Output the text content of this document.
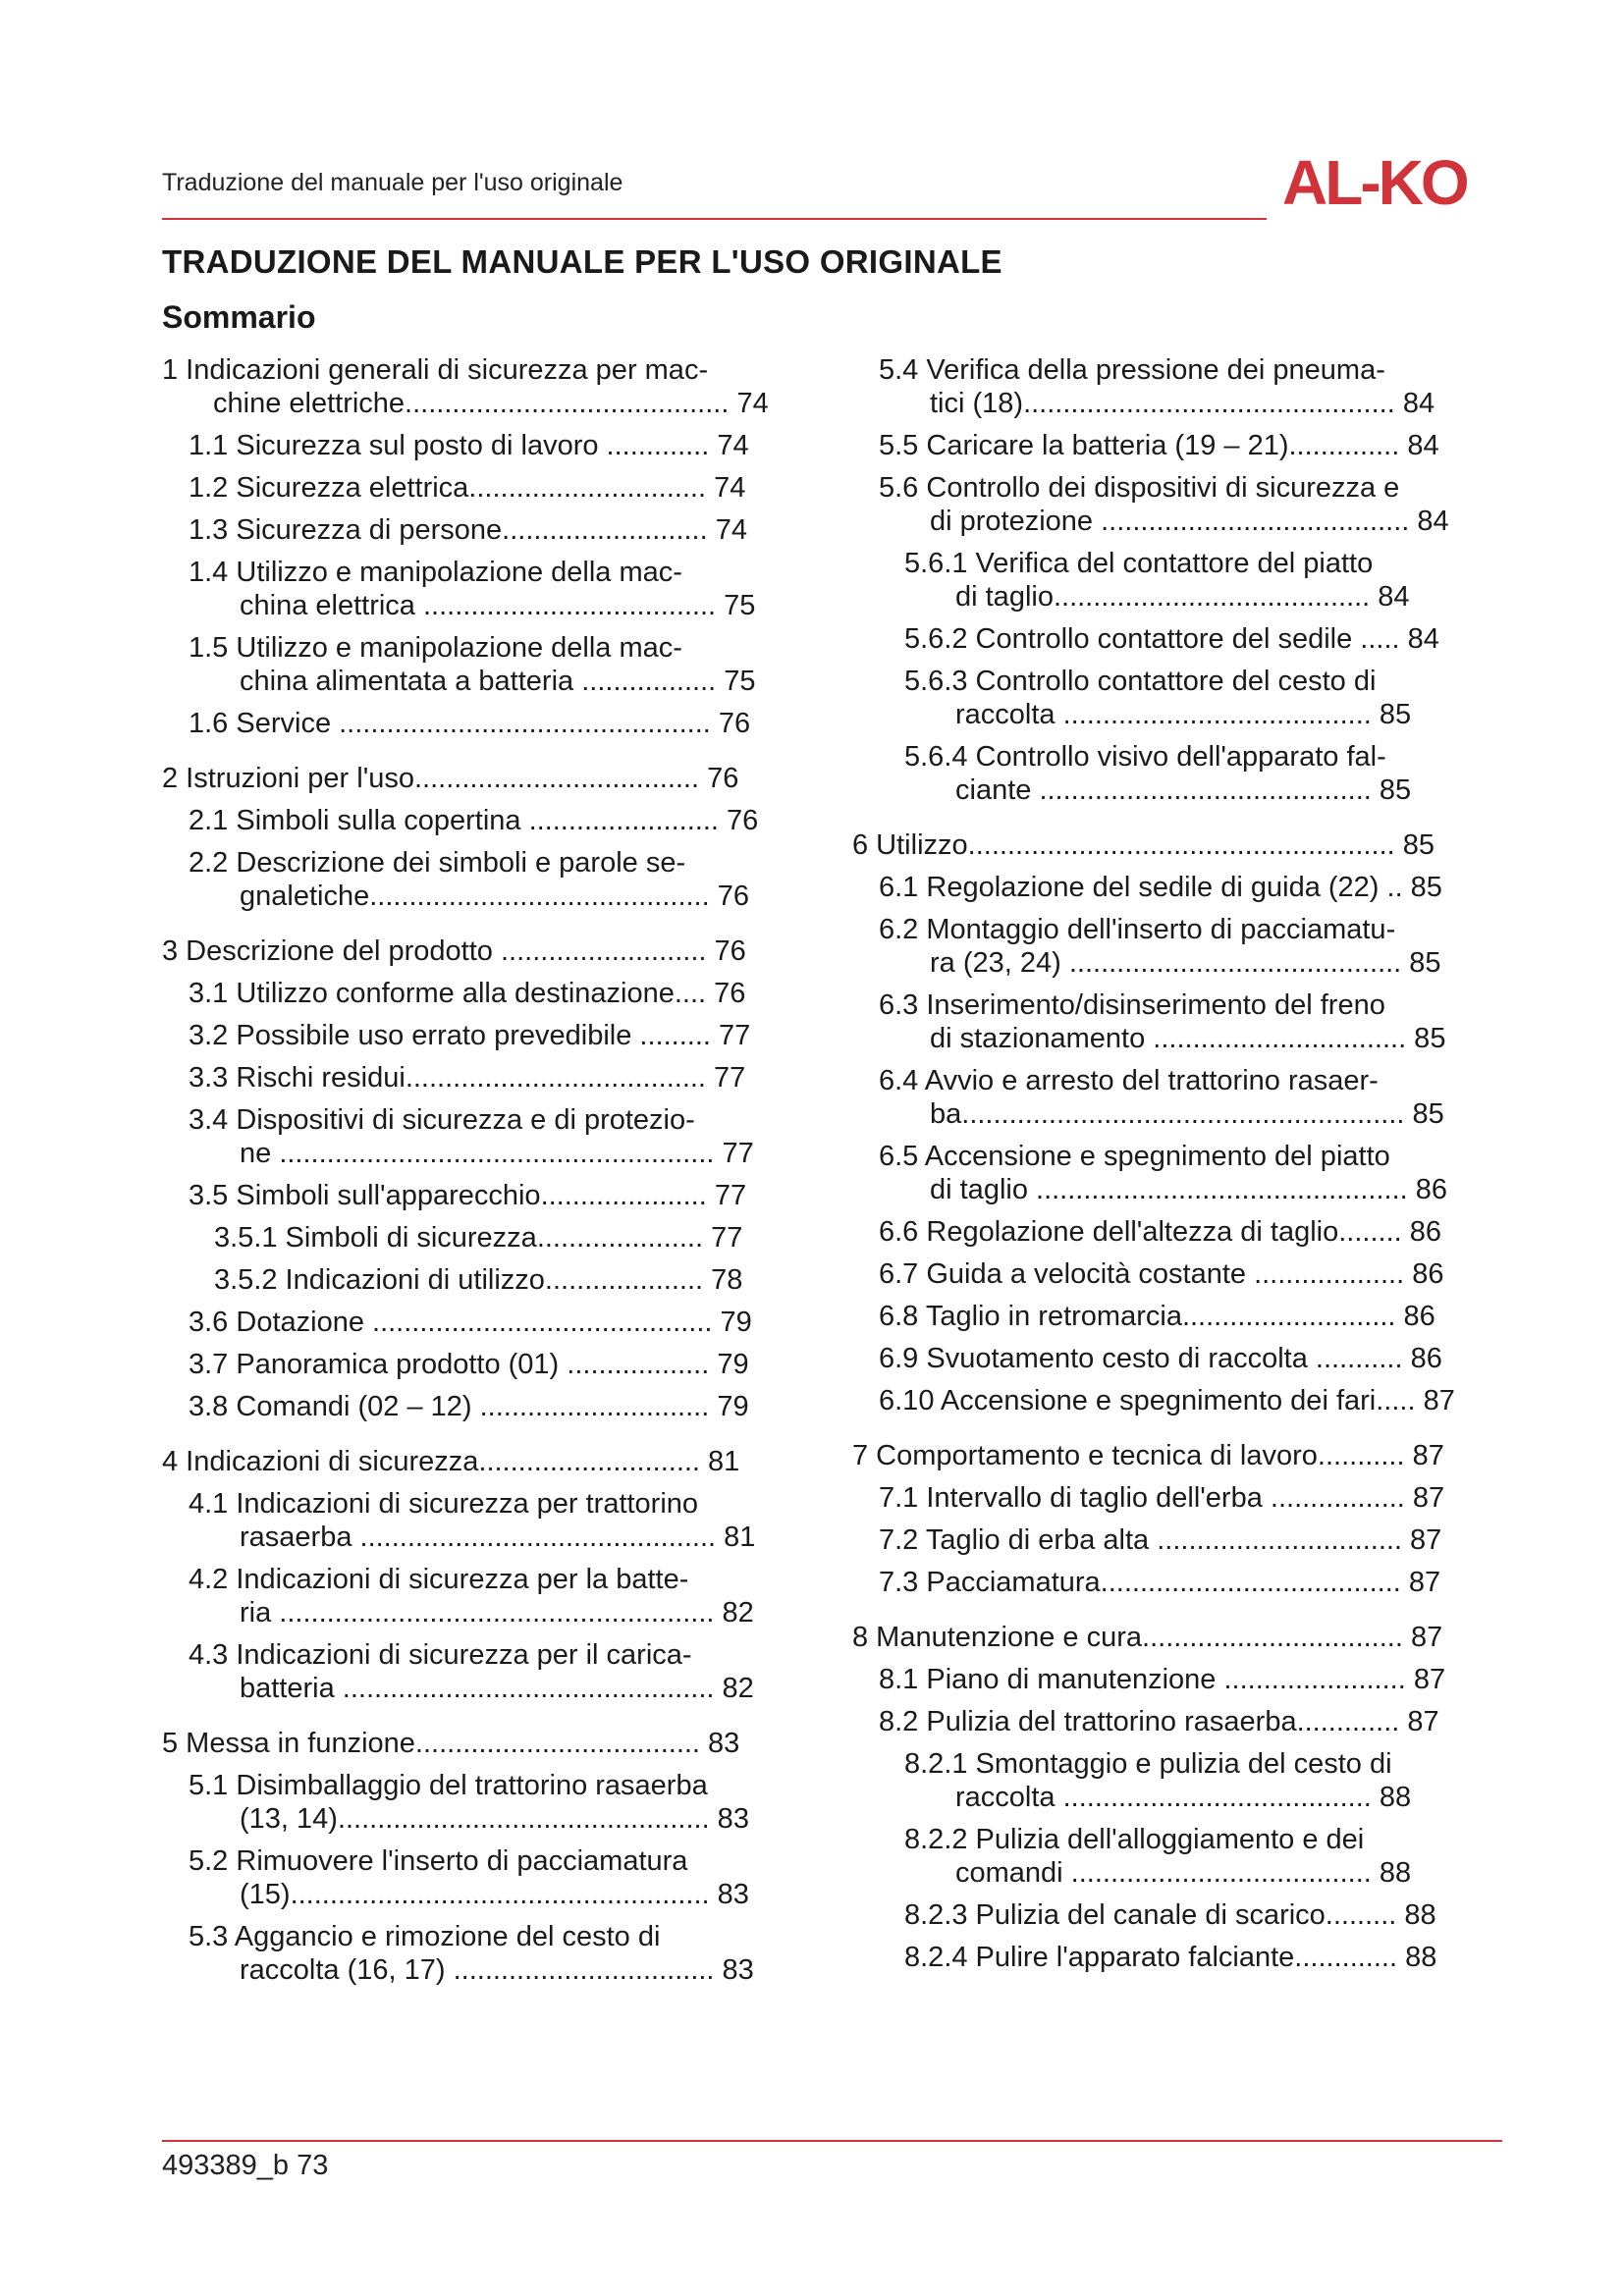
Traduzione del manuale per l'uso originale	AL-KO
TRADUZIONE DEL MANUALE PER L'USO ORIGINALE
Sommario
1 Indicazioni generali di sicurezza per mac-
chine elettriche......................................... 74
1.1 Sicurezza sul posto di lavoro ............. 74
1.2 Sicurezza elettrica.............................. 74
1.3 Sicurezza di persone.......................... 74
1.4 Utilizzo e manipolazione della mac-
china elettrica ..................................... 75
1.5 Utilizzo e manipolazione della mac-
china alimentata a batteria ................. 75
1.6 Service ............................................... 76
2 Istruzioni per l'uso.................................... 76
2.1 Simboli sulla copertina ........................ 76
2.2 Descrizione dei simboli e parole se-
gnaletiche........................................... 76
3 Descrizione del prodotto .......................... 76
3.1 Utilizzo conforme alla destinazione.... 76
3.2 Possibile uso errato prevedibile ......... 77
3.3 Rischi residui...................................... 77
3.4 Dispositivi di sicurezza e di protezio-
ne ....................................................... 77
3.5 Simboli sull'apparecchio..................... 77
3.5.1 Simboli di sicurezza..................... 77
3.5.2 Indicazioni di utilizzo.................... 78
3.6 Dotazione ........................................... 79
3.7 Panoramica prodotto (01) .................. 79
3.8 Comandi (02 – 12) ............................. 79
4 Indicazioni di sicurezza............................ 81
4.1 Indicazioni di sicurezza per trattorino
rasaerba ............................................. 81
4.2 Indicazioni di sicurezza per la batte-
ria ....................................................... 82
4.3 Indicazioni di sicurezza per il carica-
batteria ............................................... 82
5 Messa in funzione.................................... 83
5.1 Disimballaggio del trattorino rasaerba
(13, 14)............................................... 83
5.2 Rimuovere l'inserto di pacciamatura
(15)..................................................... 83
5.3 Aggancio e rimozione del cesto di
raccolta (16, 17) ................................. 83
5.4 Verifica della pressione dei pneuma-
tici (18)............................................... 84
5.5 Caricare la batteria (19 – 21).............. 84
5.6 Controllo dei dispositivi di sicurezza e
di protezione ....................................... 84
5.6.1 Verifica del contattore del piatto
di taglio........................................ 84
5.6.2 Controllo contattore del sedile ..... 84
5.6.3 Controllo contattore del cesto di
raccolta ....................................... 85
5.6.4 Controllo visivo dell'apparato fal-
ciante .......................................... 85
6 Utilizzo...................................................... 85
6.1 Regolazione del sedile di guida (22) .. 85
6.2 Montaggio dell'inserto di pacciamatu-
ra (23, 24) .......................................... 85
6.3 Inserimento/disinserimento del freno
di stazionamento ................................ 85
6.4 Avvio e arresto del trattorino rasaer-
ba........................................................ 85
6.5 Accensione e spegnimento del piatto
di taglio ............................................... 86
6.6 Regolazione dell'altezza di taglio........ 86
6.7 Guida a velocità costante ................... 86
6.8 Taglio in retromarcia........................... 86
6.9 Svuotamento cesto di raccolta ........... 86
6.10 Accensione e spegnimento dei fari..... 87
7 Comportamento e tecnica di lavoro........... 87
7.1 Intervallo di taglio dell'erba ................. 87
7.2 Taglio di erba alta ............................... 87
7.3 Pacciamatura...................................... 87
8 Manutenzione e cura................................. 87
8.1 Piano di manutenzione ....................... 87
8.2 Pulizia del trattorino rasaerba............. 87
8.2.1 Smontaggio e pulizia del cesto di
raccolta ....................................... 88
8.2.2 Pulizia dell'alloggiamento e dei
comandi ...................................... 88
8.2.3 Pulizia del canale di scarico......... 88
8.2.4 Pulire l'apparato falciante............. 88
493389_b 73
